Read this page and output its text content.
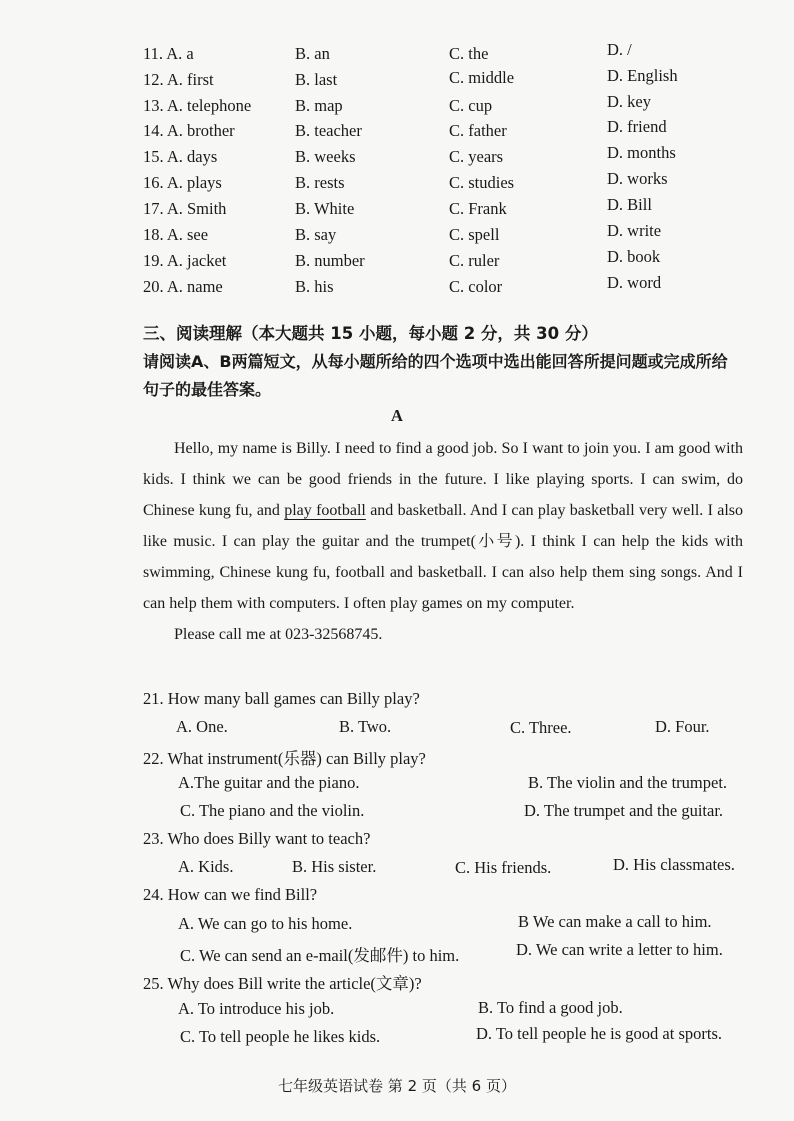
11. A. a	B. an	C. the	D. /
12. A. first	B. last	C. middle	D. English
13. A. telephone	B. map	C. cup	D. key
14. A. brother	B. teacher	C. father	D. friend
15. A. days	B. weeks	C. years	D. months
16. A. plays	B. rests	C. studies	D. works
17. A. Smith	B. White	C. Frank	D. Bill
18. A. see	B. say	C. spell	D. write
19. A. jacket	B. number	C. ruler	D. book
20. A. name	B. his	C. color	D. word
三、阅读理解（本大题共 15 小题，每小题 2 分，共 30 分）
请阅读A、B两篇短文，从每小题所给的四个选项中选出能回答所提问题或完成所给句子的最佳答案。
A

Hello, my name is Billy. I need to find a good job. So I want to join you. I am good with kids. I think we can be good friends in the future. I like playing sports. I can swim, do Chinese kung fu, and play football and basketball. And I can play basketball very well. I also like music. I can play the guitar and the trumpet(小号). I think I can help the kids with swimming, Chinese kung fu, football and basketball. I can also help them sing songs. And I can help them with computers. I often play games on my computer.

Please call me at 023-32568745.

21. How many ball games can Billy play?
A. One.	B. Two.	C. Three.	D. Four.
22. What instrument(乐器) can Billy play?
A.The guitar and the piano.	B. The violin and the trumpet.
C. The piano and the violin.	D. The trumpet and the guitar.
23. Who does Billy want to teach?
A. Kids.	B. His sister.	C. His friends.	D. His classmates.
24. How can we find Bill?
A. We can go to his home.	B We can make a call to him.
C. We can send an e-mail(发邮件) to him.	D. We can write a letter to him.
25. Why does Bill write the article(文章)?
A. To introduce his job.	B. To find a good job.
C. To tell people he likes kids.	D. To tell people he is good at sports.
七年级英语试卷 第 2 页（共 6 页）
